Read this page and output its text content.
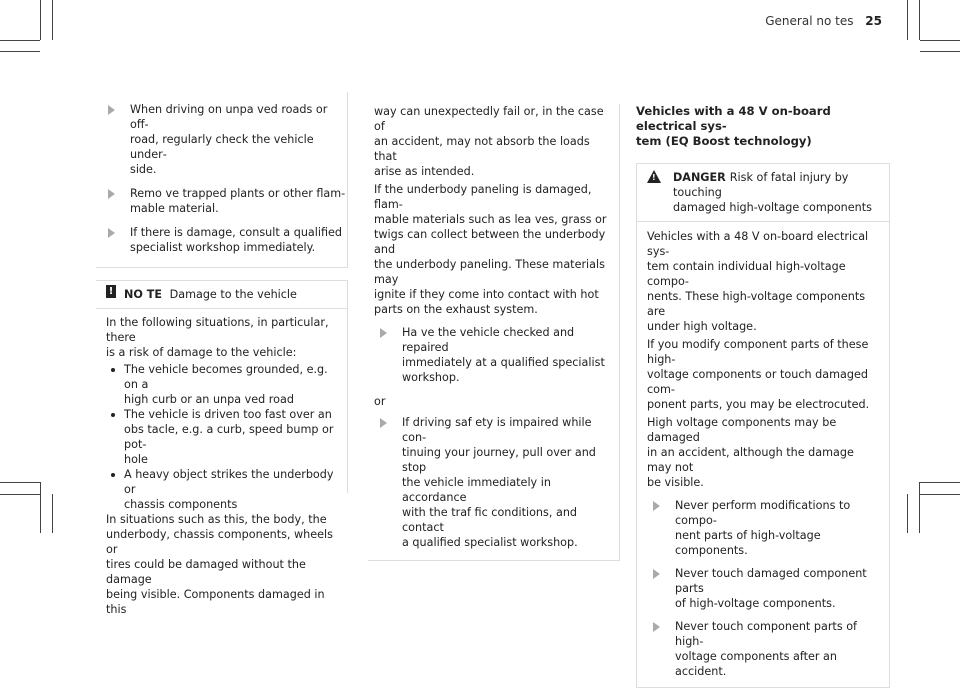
General no tes 25
When driving on unpa ved roads or off‑
road, regularly check the vehicle under‑
side.
Remo ve trapped plants or other flam‑
mable material.
If there is damage, consult a qualified
specialist workshop immediately.
! NO TE Damage to the vehicle

In the following situations, in particular, there
is a risk of damage to the vehicle:

The vehicle becomes grounded, e.g. on a
high curb or an unpa ved road
The vehicle is driven too fast over an
obs tacle, e.g. a curb, speed bump or pot‑
hole
A heavy object strikes the underbody or
chassis components

In situations such as this, the body, the
underbody, chassis components, wheels or
tires could be damaged without the damage
being visible. Components damaged in this

way can unexpectedly fail or, in the case of
an accident, may not absorb the loads that
arise as intended.

If the underbody paneling is damaged, flam‑
mable materials such as lea ves, grass or
twigs can collect between the underbody and
the underbody paneling. These materials may
ignite if they come into contact with hot
parts on the exhaust system.

Ha ve the vehicle checked and repaired
immediately at a qualified specialist
workshop.

or

If driving saf ety is impaired while con‑
tinuing your journey, pull over and stop
the vehicle immediately in accordance
with the traf fic conditions, and contact
a qualified specialist workshop.
Vehicles with a 48 V on-board electrical sys‑
tem (EQ Boost technology)
! DANGER Risk of fatal injury by touching
damaged high-voltage components

Vehicles with a 48 V on-board electrical sys‑
tem contain individual high-voltage compo‑
nents. These high-voltage components are
under high voltage.

If you modify component parts of these high-
voltage components or touch damaged com‑
ponent parts, you may be electrocuted.

High voltage components may be damaged
in an accident, although the damage may not
be visible.

Never perform modifications to compo‑
nent parts of high-voltage components.
Never touch damaged component parts
of high-voltage components.
Never touch component parts of high-
voltage components after an accident.
